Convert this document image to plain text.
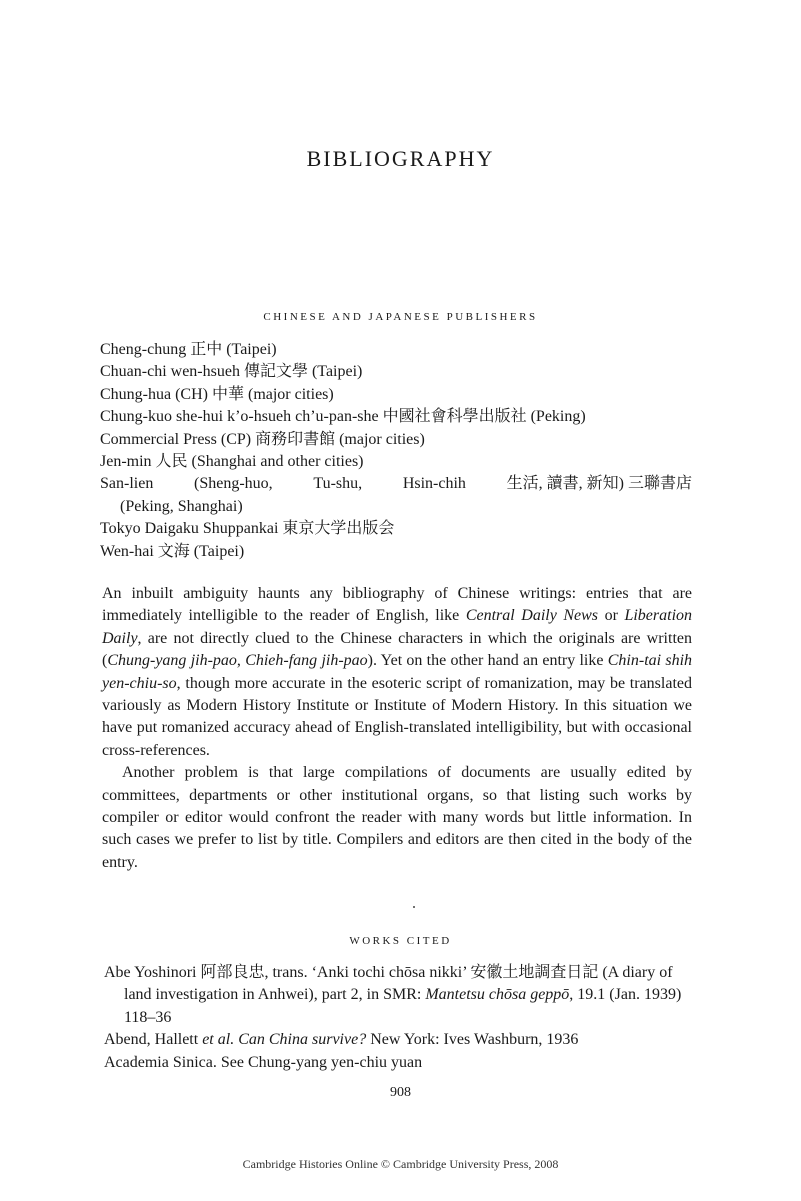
BIBLIOGRAPHY
CHINESE AND JAPANESE PUBLISHERS
Cheng-chung 正中 (Taipei)
Chuan-chi wen-hsueh 傳記文學 (Taipei)
Chung-hua (CH) 中華 (major cities)
Chung-kuo she-hui k’o-hsueh ch’u-pan-she 中國社會科學出版社 (Peking)
Commercial Press (CP) 商務印書館 (major cities)
Jen-min 人民 (Shanghai and other cities)
San-lien	(Sheng-huo,	Tu-shu,	Hsin-chih	生活, 讀書, 新知) 三聯書店
(Peking, Shanghai)
Tokyo Daigaku Shuppankai 東京大学出版会
Wen-hai 文海 (Taipei)

An inbuilt ambiguity haunts any bibliography of Chinese writings: entries that are immediately intelligible to the reader of English, like Central Daily News or Liberation Daily, are not directly clued to the Chinese characters in which the originals are written (Chung-yang jih-pao, Chieh-fang jih-pao). Yet on the other hand an entry like Chin-tai shih yen-chiu-so, though more accurate in the esoteric script of romanization, may be translated variously as Modern History Institute or Institute of Modern History. In this situation we have put romanized accuracy ahead of English-translated intelligibility, but with occasional cross-references.

Another problem is that large compilations of documents are usually edited by committees, departments or other institutional organs, so that listing such works by compiler or editor would confront the reader with many words but little information. In such cases we prefer to list by title. Compilers and editors are then cited in the body of the entry.

WORKS CITED
Abe Yoshinori 阿部良忠, trans. ‘Anki tochi chōsa nikki’ 安徽土地調査日記 (A diary of land investigation in Anhwei), part 2, in SMR: Mantetsu chōsa geppō, 19.1 (Jan. 1939) 118–36
Abend, Hallett et al. Can China survive? New York: Ives Washburn, 1936
Academia Sinica. See Chung-yang yen-chiu yuan
908
Cambridge Histories Online © Cambridge University Press, 2008
